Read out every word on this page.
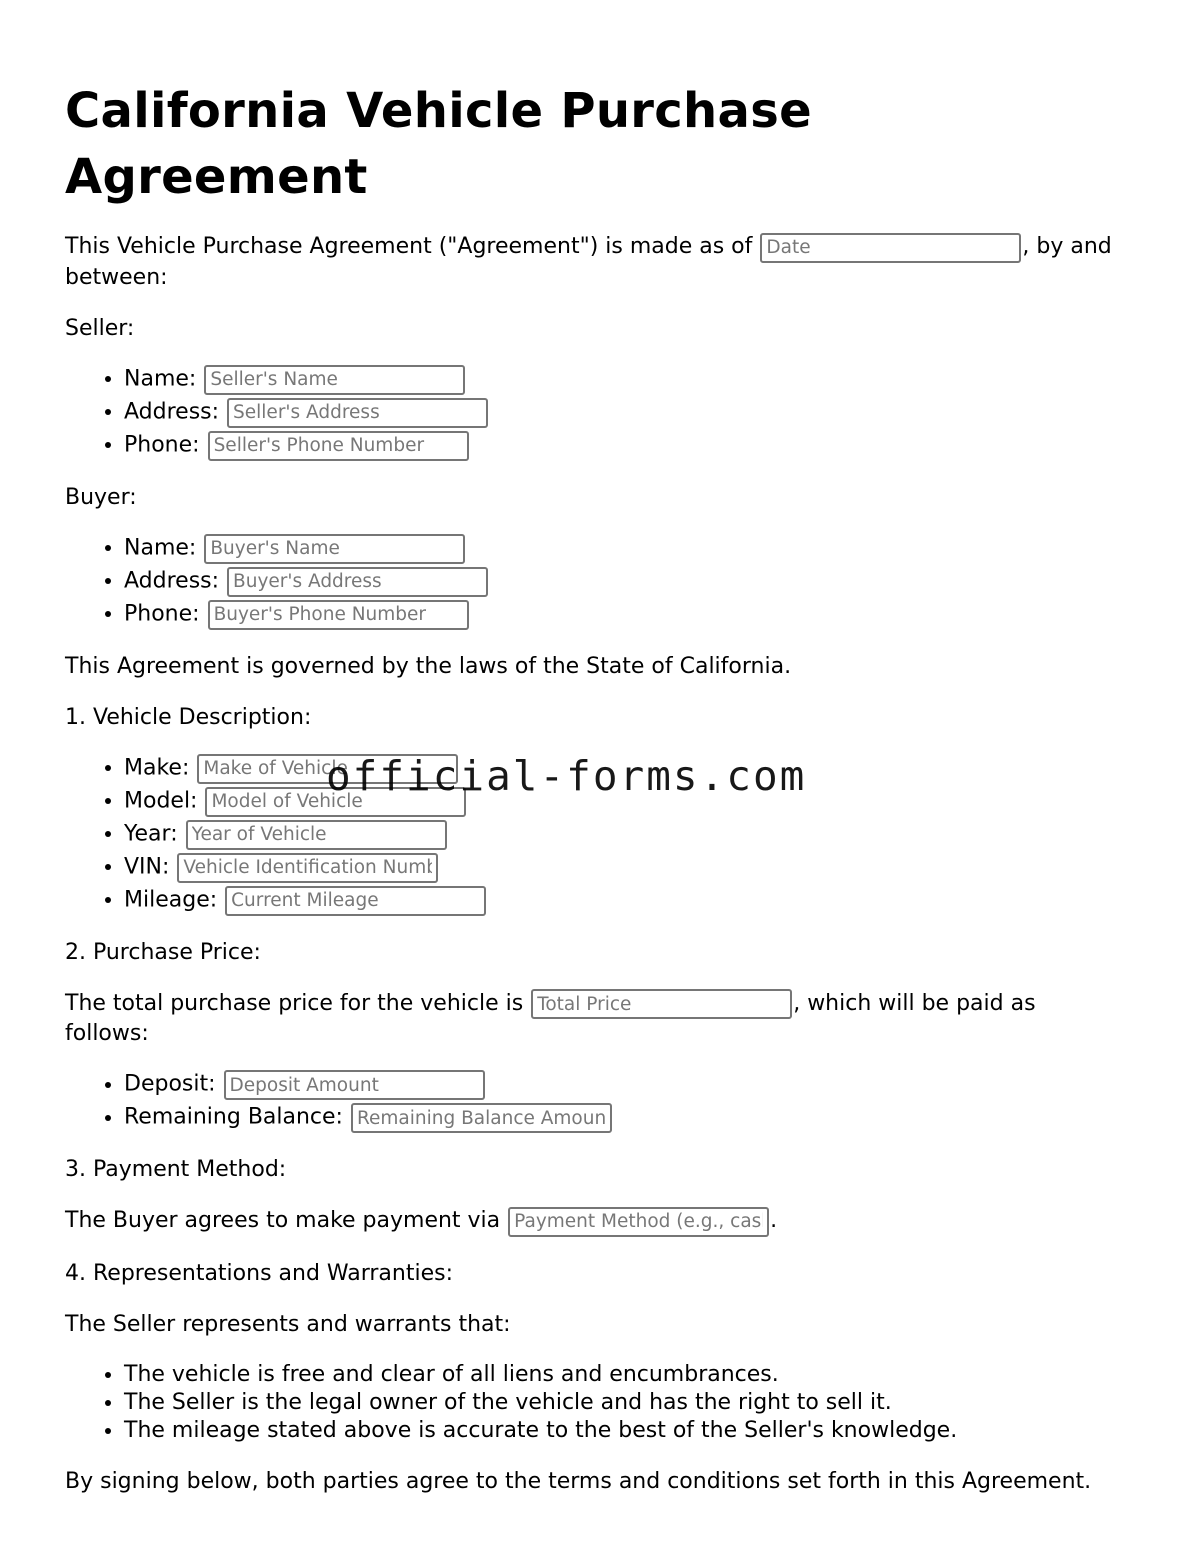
California Vehicle Purchase Agreement

This Vehicle Purchase Agreement ("Agreement") is made as of Date	, by and between:

Seller:

• Name: Seller's Name
• Address: Seller's Address
• Phone: Seller's Phone Number

Buyer:

• Name: Buyer's Name
• Address: Buyer's Address
• Phone: Buyer's Phone Number

This Agreement is governed by the laws of the State of California.

1. Vehicle Description:

• Make: Make of Vehicle
• Model: Model of Vehicle
• Year: Year of Vehicle
• VIN: Vehicle Identification Number
• Mileage: Current Mileage

2. Purchase Price:

The total purchase price for the vehicle is Total Price	, which will be paid as follows:

• Deposit: Deposit Amount
• Remaining Balance: Remaining Balance Amount

3. Payment Method:

The Buyer agrees to make payment via Payment Method (e.g., cash, check)	.

4. Representations and Warranties:

The Seller represents and warrants that:

• The vehicle is free and clear of all liens and encumbrances.
• The Seller is the legal owner of the vehicle and has the right to sell it.
• The mileage stated above is accurate to the best of the Seller's knowledge.

By signing below, both parties agree to the terms and conditions set forth in this Agreement.

official-forms.com
